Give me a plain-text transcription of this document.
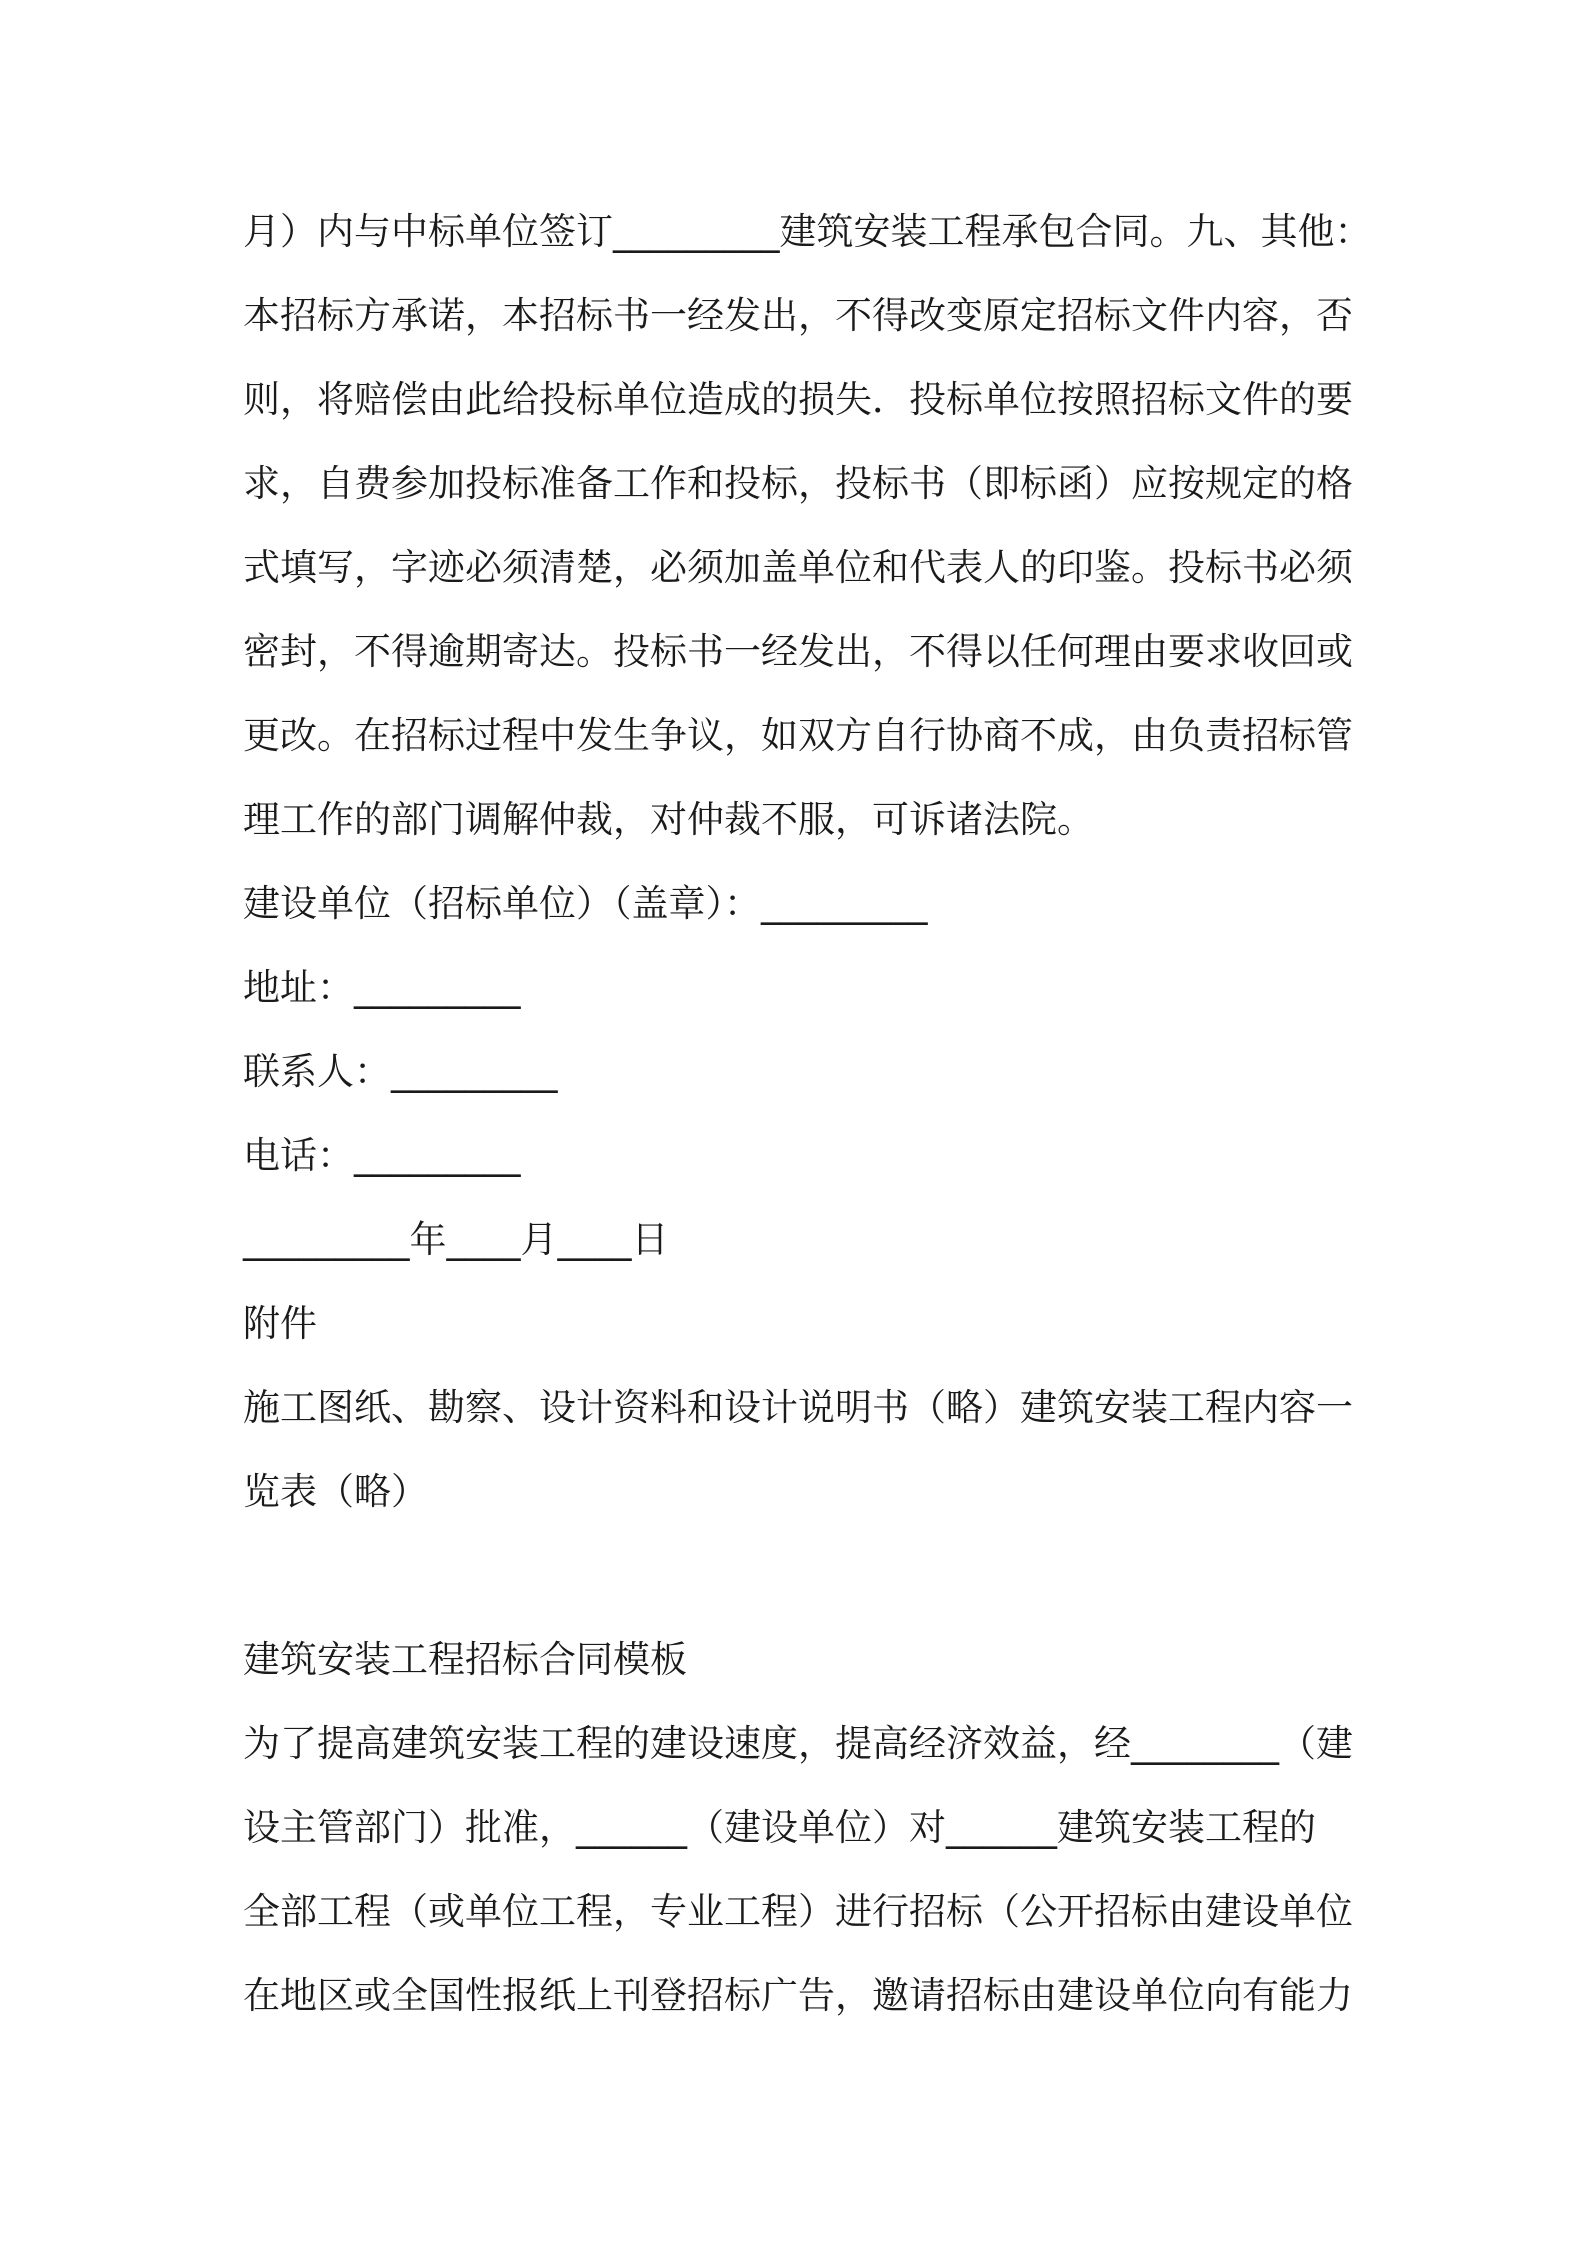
月）内与中标单位签订_________建筑安装工程承包合同。九、其他：
本招标方承诺，本招标书一经发出，不得改变原定招标文件内容，否
则，将赔偿由此给投标单位造成的损失．投标单位按照招标文件的要
求，自费参加投标准备工作和投标，投标书（即标函）应按规定的格
式填写，字迹必须清楚，必须加盖单位和代表人的印鉴。投标书必须
密封，不得逾期寄达。投标书一经发出，不得以任何理由要求收回或
更改。在招标过程中发生争议，如双方自行协商不成，由负责招标管
理工作的部门调解仲裁，对仲裁不服，可诉诸法院。
建设单位（招标单位）（盖章）：_________
地址：_________
联系人：_________
电话：_________
_________年____月____日
附件
施工图纸、勘察、设计资料和设计说明书（略）建筑安装工程内容一
览表（略）
建筑安装工程招标合同模板
为了提高建筑安装工程的建设速度，提高经济效益，经________（建
设主管部门）批准，______（建设单位）对______建筑安装工程的
全部工程（或单位工程，专业工程）进行招标（公开招标由建设单位
在地区或全国性报纸上刊登招标广告，邀请招标由建设单位向有能力
